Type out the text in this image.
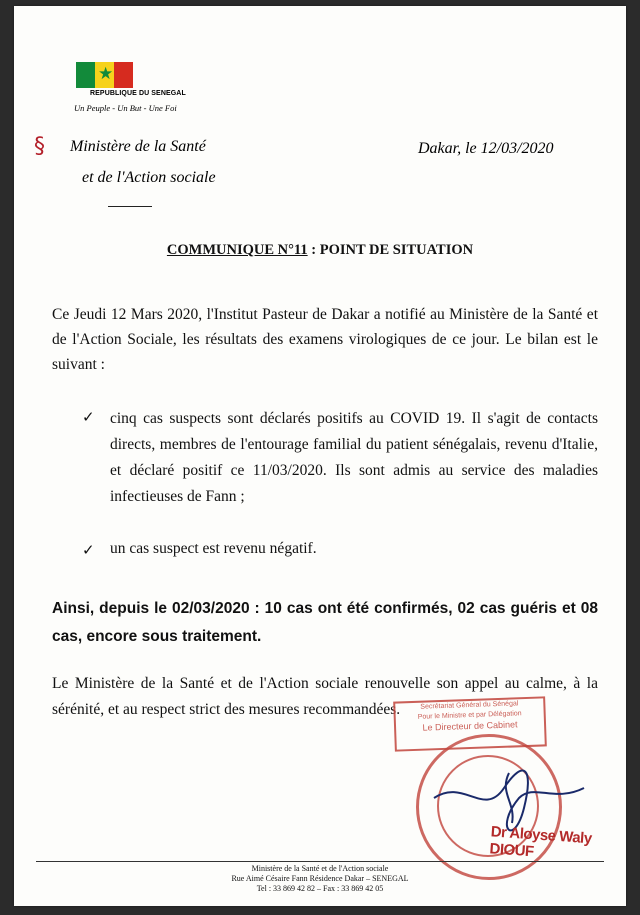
★
REPUBLIQUE DU SENEGAL
Un Peuple - Un But - Une Foi
§ Ministère de la Santé
et de l'Action sociale
Dakar, le 12/03/2020
COMMUNIQUE N°11 : POINT DE SITUATION
Ce Jeudi 12 Mars 2020, l'Institut Pasteur de Dakar a notifié au Ministère de la Santé et de l'Action Sociale, les résultats des examens virologiques de ce jour. Le bilan est le suivant :
✓ cinq cas suspects sont déclarés positifs au COVID 19. Il s'agit de contacts directs, membres de l'entourage familial du patient sénégalais, revenu d'Italie, et déclaré positif ce 11/03/2020. Ils sont admis au service des maladies infectieuses de Fann ;
✓ un cas suspect est revenu négatif.
Ainsi, depuis le 02/03/2020 : 10 cas ont été confirmés, 02 cas guéris et 08 cas, encore sous traitement.
Le Ministère de la Santé et de l'Action sociale renouvelle son appel au calme, à la sérénité, et au respect strict des mesures recommandées.	Secrétariat Général du Sénégal
Pour le Ministre et par Délégation
Le Directeur de Cabinet
Dr Aloyse Waly DIOUF
Ministère de la Santé et de l'Action sociale
Rue Aimé Césaire Fann Résidence Dakar – SENEGAL
Tel : 33 869 42 82 – Fax : 33 869 42 05
